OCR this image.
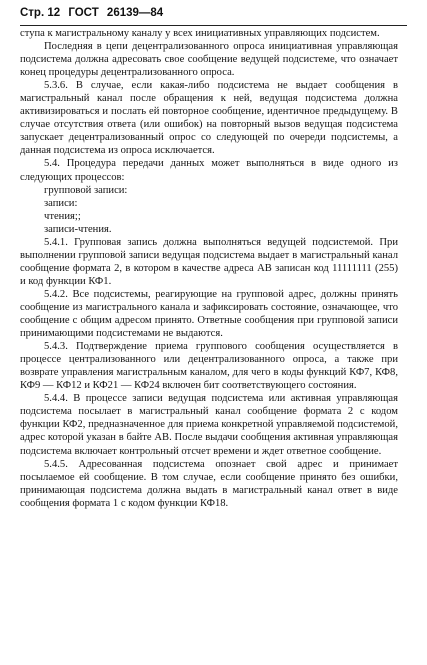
Стр. 12 ГОСТ 26139—84

ступа к магистральному каналу у всех инициативных управляющих подсистем.

Последняя в цепи децентрализованного опроса инициативная управляющая подсистема должна адресовать свое сообщение ведущей подсистеме, что означает конец процедуры децентрализованного опроса.

5.3.6. В случае, если какая-либо подсистема не выдает сообщения в магистральный канал после обращения к ней, ведущая подсистема должна активизироваться и послать ей повторное сообщение, идентичное предыдущему. В случае отсутствия ответа (или ошибок) на повторный вызов ведущая подсистема запускает децентрализованный опрос со следующей по очереди подсистемы, а данная подсистема из опроса исключается.

5.4. Процедура передачи данных может выполняться в виде одного из следующих процессов:

групповой записи:

записи:

чтения;;

записи-чтения.

5.4.1. Групповая запись должна выполняться ведущей подсистемой. При выполнении групповой записи ведущая подсистема выдает в магистральный канал сообщение формата 2, в котором в качестве адреса АВ записан код 11111111 (255) и код функции КФ1.

5.4.2. Все подсистемы, реагирующие на групповой адрес, должны принять сообщение из магистрального канала и зафиксировать состояние, означающее, что сообщение с общим адресом принято. Ответные сообщения при групповой записи принимающими подсистемами не выдаются.

5.4.3. Подтверждение приема группового сообщения осуществляется в процессе централизованного или децентрализованного опроса, а также при возврате управления магистральным каналом, для чего в коды функций КФ7, КФ8, КФ9 — КФ12 и КФ21 — КФ24 включен бит соответствующего состояния.

5.4.4. В процессе записи ведущая подсистема или активная управляющая подсистема посылает в магистральный канал сообщение формата 2 с кодом функции КФ2, предназначенное для приема конкретной управляемой подсистемой, адрес которой указан в байте АВ. После выдачи сообщения активная управляющая подсистема включает контрольный отсчет времени и ждет ответное сообщение.

5.4.5. Адресованная подсистема опознает свой адрес и принимает посылаемое ей сообщение. В том случае, если сообщение принято без ошибки, принимающая подсистема должна выдать в магистральный канал ответ в виде сообщения формата 1 с кодом функции КФ18.
